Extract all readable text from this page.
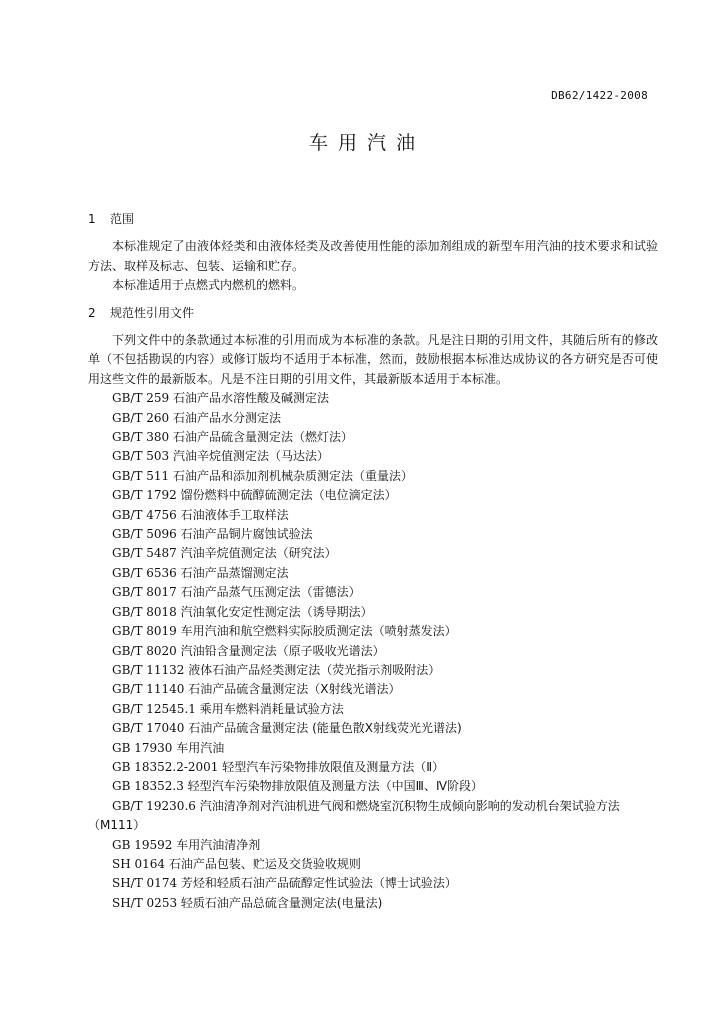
DB62/1422-2008
车用汽油
1	范围

本标准规定了由液体烃类和由液体烃类及改善使用性能的添加剂组成的新型车用汽油的技术要求和试验方法、取样及标志、包装、运输和贮存。

本标准适用于点燃式内燃机的燃料。

2	规范性引用文件

下列文件中的条款通过本标准的引用而成为本标准的条款。凡是注日期的引用文件，其随后所有的修改单（不包括勘误的内容）或修订版均不适用于本标准，然而，鼓励根据本标准达成协议的各方研究是否可使用这些文件的最新版本。凡是不注日期的引用文件，其最新版本适用于本标准。

GB/T 259 石油产品水溶性酸及碱测定法
GB/T 260 石油产品水分测定法
GB/T 380 石油产品硫含量测定法（燃灯法）
GB/T 503 汽油辛烷值测定法（马达法）
GB/T 511 石油产品和添加剂机械杂质测定法（重量法）
GB/T 1792 馏份燃料中硫醇硫测定法（电位滴定法）
GB/T 4756 石油液体手工取样法
GB/T 5096 石油产品铜片腐蚀试验法
GB/T 5487 汽油辛烷值测定法（研究法）
GB/T 6536 石油产品蒸馏测定法
GB/T 8017 石油产品蒸气压测定法（雷德法）
GB/T 8018 汽油氧化安定性测定法（诱导期法）
GB/T 8019 车用汽油和航空燃料实际胶质测定法（喷射蒸发法）
GB/T 8020 汽油铅含量测定法（原子吸收光谱法）
GB/T 11132 液体石油产品烃类测定法（荧光指示剂吸附法）
GB/T 11140 石油产品硫含量测定法（X射线光谱法）
GB/T 12545.1 乘用车燃料消耗量试验方法
GB/T 17040 石油产品硫含量测定法 (能量色散X射线荧光光谱法)
GB 17930 车用汽油
GB 18352.2-2001 轻型汽车污染物排放限值及测量方法（Ⅱ）
GB 18352.3 轻型汽车污染物排放限值及测量方法（中国Ⅲ、Ⅳ阶段）
GB/T 19230.6 汽油清净剂对汽油机进气阀和燃烧室沉积物生成倾向影响的发动机台架试验方法（M111）
GB 19592 车用汽油清净剂
SH 0164 石油产品包装、贮运及交货验收规则
SH/T 0174 芳烃和轻质石油产品硫醇定性试验法（博士试验法）
SH/T 0253 轻质石油产品总硫含量测定法(电量法)
